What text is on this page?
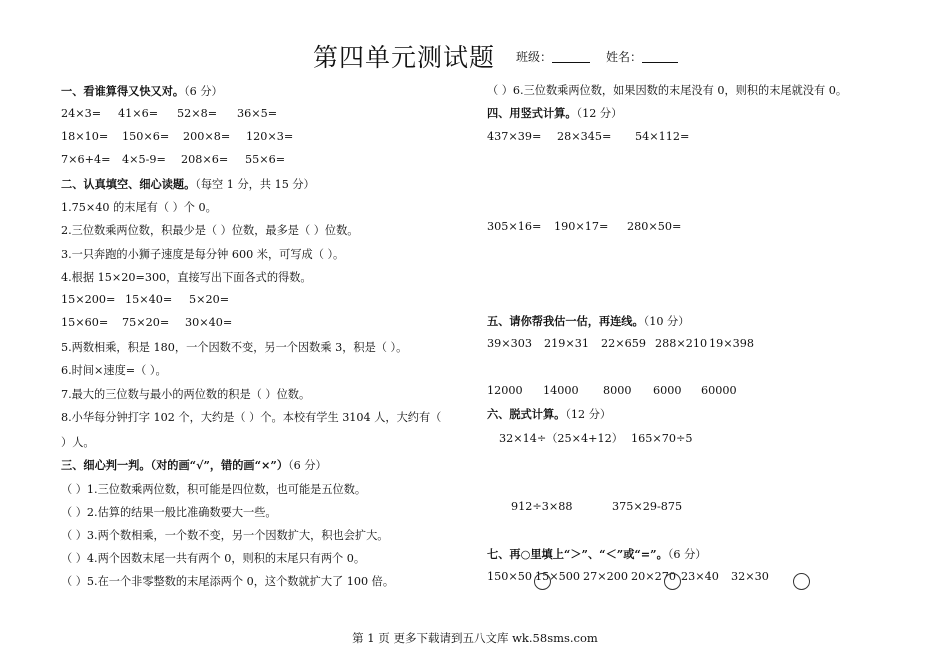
第四单元测试题 班级：	姓名：
一、看谁算得又快又对。（6 分）
24×3= 41×6= 52×8= 36×5=
18×10= 150×6= 200×8= 120×3=
7×6+4= 4×5-9= 208×6= 55×6=
二、认真填空、细心读题。（每空 1 分，共 15 分）
1.75×40 的末尾有（ ）个 0。
2.三位数乘两位数，积最少是（ ）位数，最多是（ ）位数。
3.一只奔跑的小狮子速度是每分钟 600 米，可写成（ ）。
4.根据 15×20=300，直接写出下面各式的得数。
15×200= 15×40= 5×20=
15×60= 75×20= 30×40=
5.两数相乘，积是 180，一个因数不变，另一个因数乘 3，积是（ ）。
6.时间×速度=（ ）。
7.最大的三位数与最小的两位数的积是（ ）位数。
8.小华每分钟打字 102 个，大约是（ ）个。本校有学生 3104 人，大约有（
）人。
三、细心判一判。（对的画“√”，错的画“×”）（6 分）
（ ）1.三位数乘两位数，积可能是四位数，也可能是五位数。
（ ）2.估算的结果一般比准确数要大一些。
（ ）3.两个数相乘，一个数不变，另一个因数扩大，积也会扩大。
（ ）4.两个因数末尾一共有两个 0，则积的末尾只有两个 0。
（ ）5.在一个非零整数的末尾添两个 0，这个数就扩大了 100 倍。
（ ）6.三位数乘两位数，如果因数的末尾没有 0，则积的末尾就没有 0。
四、用竖式计算。（12 分）
437×39= 28×345= 54×112=
305×16= 190×17= 280×50=
五、请你帮我估一估，再连线。（10 分）
39×303 219×31 22×659 288×210 19×398
12000 14000 8000 6000 60000
六、脱式计算。（12 分）
32×14÷（25×4+12） 165×70÷5
912÷3×88	375×29-875
七、再○里填上“＞”、“＜”或“=”。（6 分）
150×50 15×500 27×200 20×270 23×40 32×30
第 1 页 更多下载请到五八文库 wk.58sms.com
